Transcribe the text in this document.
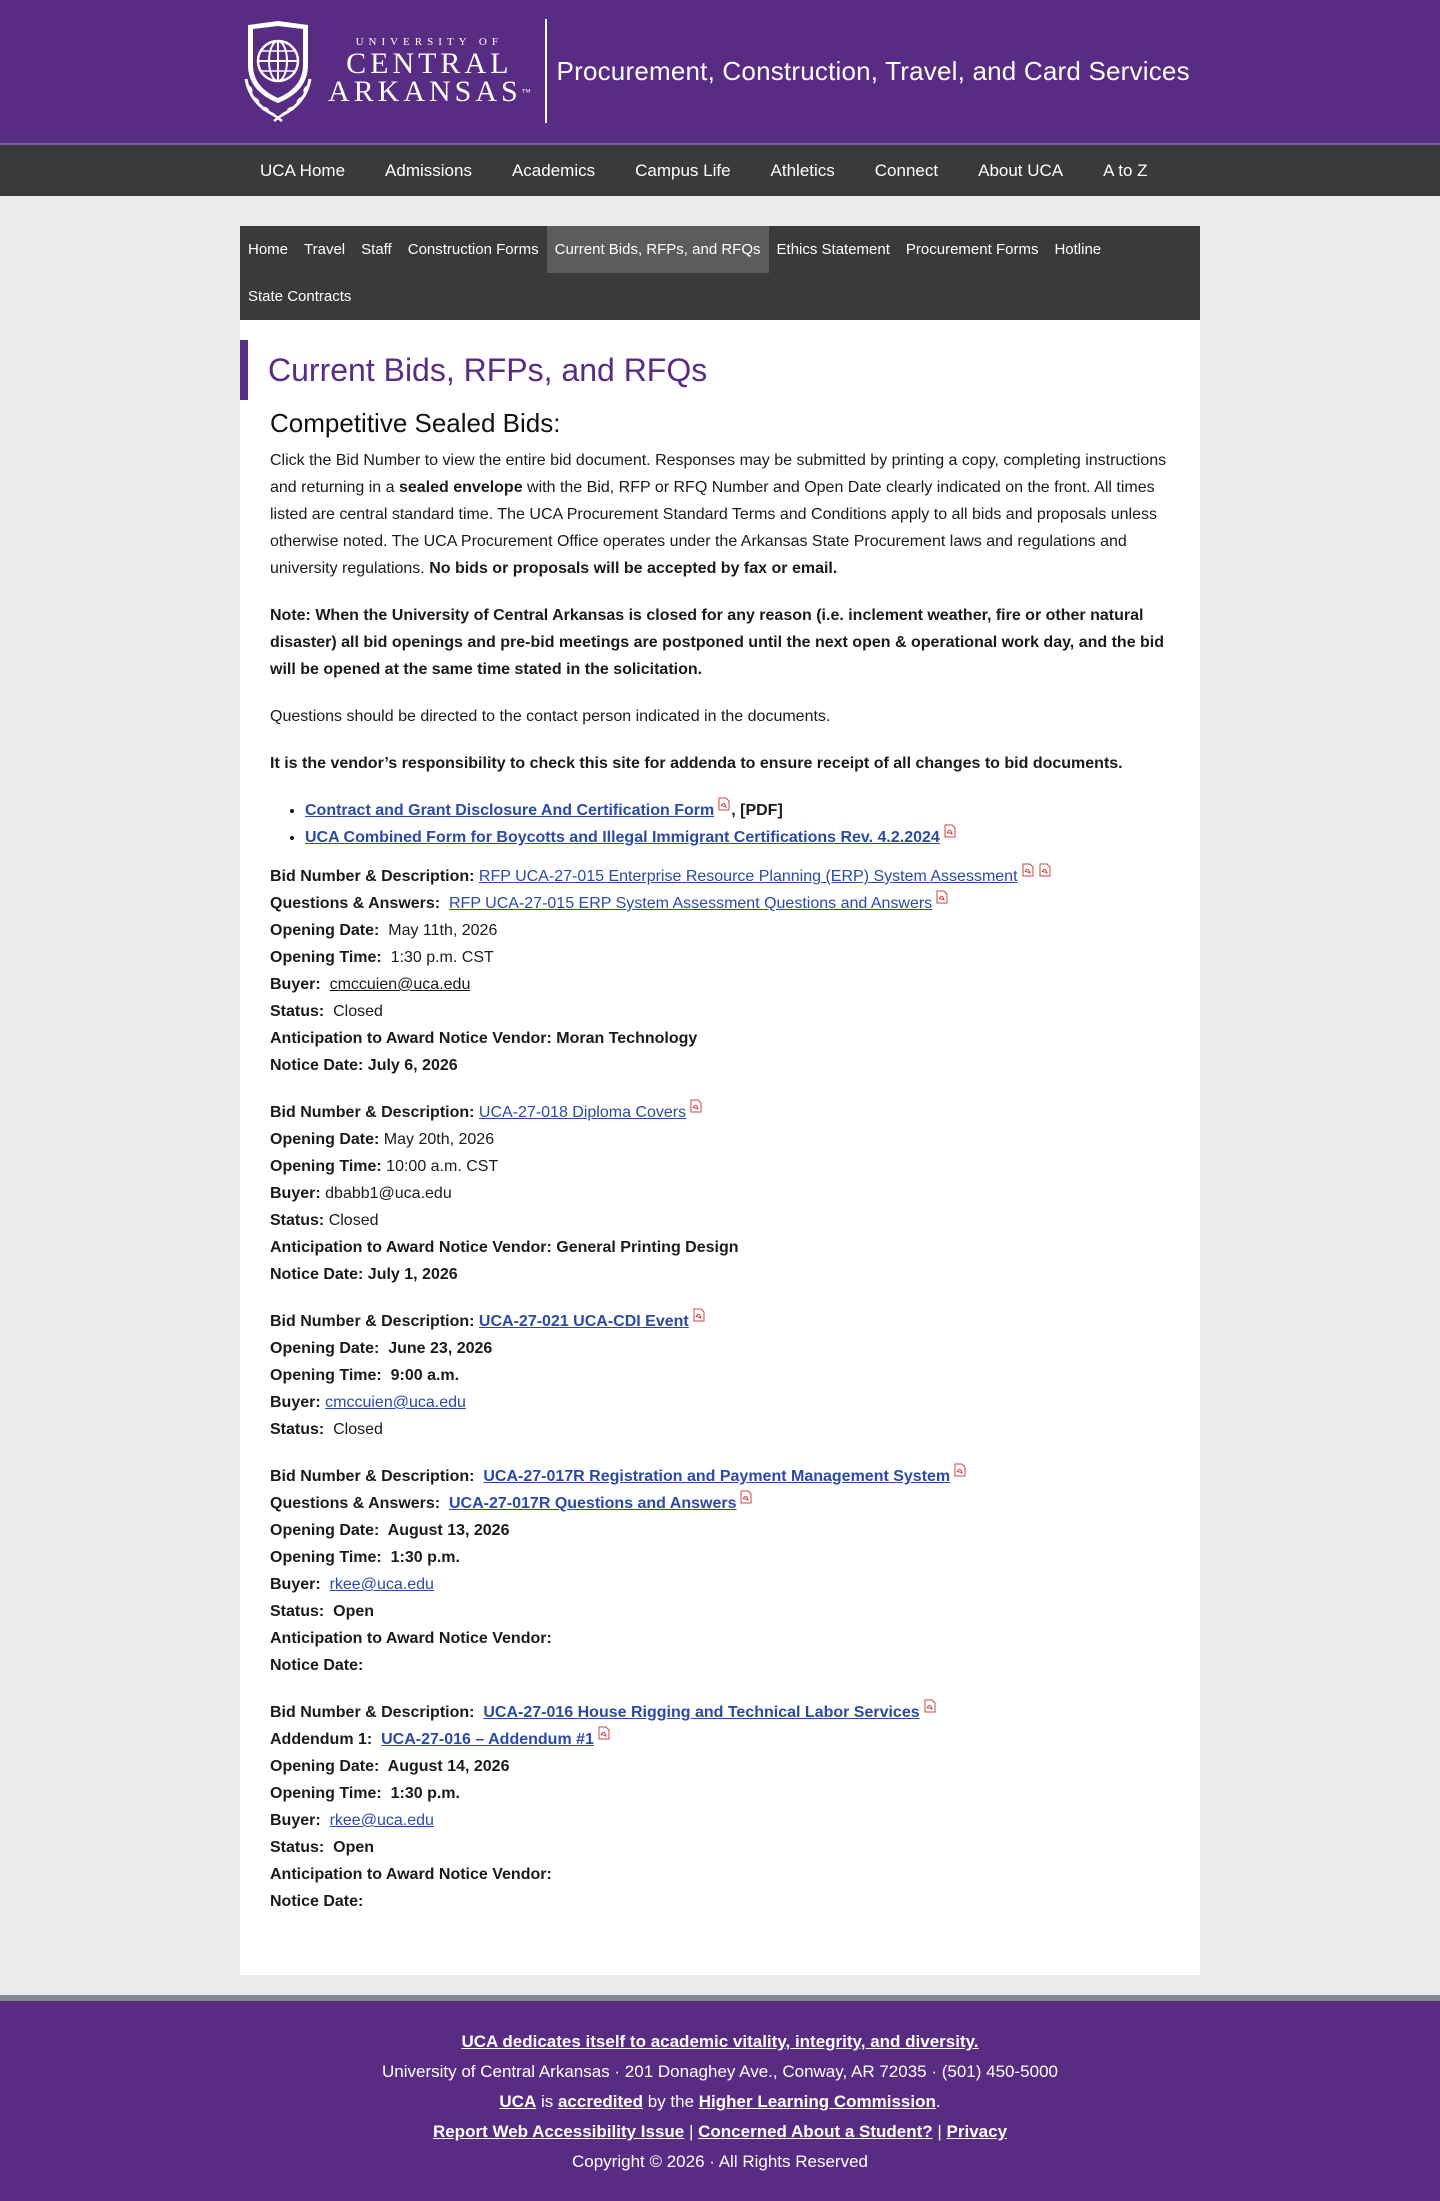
UNIVERSITY OF
CENTRAL
ARKANSAS™
Procurement, Construction, Travel, and Card Services
UCA Home	Admissions	Academics	Campus Life	Athletics	Connect	About UCA	A to Z
Home	Travel	Staff	Construction Forms	Current Bids, RFPs, and RFQs	Ethics Statement	Procurement Forms	Hotline
State Contracts
Current Bids, RFPs, and RFQs
Competitive Sealed Bids:

Click the Bid Number to view the entire bid document. Responses may be submitted by printing a copy, completing instructions and returning in a sealed envelope with the Bid, RFP or RFQ Number and Open Date clearly indicated on the front. All times listed are central standard time. The UCA Procurement Standard Terms and Conditions apply to all bids and proposals unless otherwise noted. The UCA Procurement Office operates under the Arkansas State Procurement laws and regulations and university regulations. No bids or proposals will be accepted by fax or email.

Note: When the University of Central Arkansas is closed for any reason (i.e. inclement weather, fire or other natural disaster) all bid openings and pre-bid meetings are postponed until the next open & operational work day, and the bid will be opened at the same time stated in the solicitation.

Questions should be directed to the contact person indicated in the documents.

It is the vendor’s responsibility to check this site for addenda to ensure receipt of all changes to bid documents.

• Contract and Grant Disclosure And Certification Form , [PDF]
• UCA Combined Form for Boycotts and Illegal Immigrant Certifications Rev. 4.2.2024
Bid Number & Description: RFP UCA-27-015 Enterprise Resource Planning (ERP) System Assessment
Questions & Answers: RFP UCA-27-015 ERP System Assessment Questions and Answers
Opening Date: May 11th, 2026
Opening Time: 1:30 p.m. CST
Buyer: cmccuien@uca.edu
Status: Closed
Anticipation to Award Notice Vendor: Moran Technology
Notice Date: July 6, 2026
Bid Number & Description: UCA-27-018 Diploma Covers
Opening Date: May 20th, 2026
Opening Time: 10:00 a.m. CST
Buyer: dbabb1@uca.edu
Status: Closed
Anticipation to Award Notice Vendor: General Printing Design
Notice Date: July 1, 2026
Bid Number & Description: UCA-27-021 UCA-CDI Event
Opening Date: June 23, 2026
Opening Time: 9:00 a.m.
Buyer: cmccuien@uca.edu
Status: Closed
Bid Number & Description: UCA-27-017R Registration and Payment Management System
Questions & Answers: UCA-27-017R Questions and Answers
Opening Date: August 13, 2026
Opening Time: 1:30 p.m.
Buyer: rkee@uca.edu
Status: Open
Anticipation to Award Notice Vendor:
Notice Date:
Bid Number & Description: UCA-27-016 House Rigging and Technical Labor Services
Addendum 1: UCA-27-016 – Addendum #1
Opening Date: August 14, 2026
Opening Time: 1:30 p.m.
Buyer: rkee@uca.edu
Status: Open
Anticipation to Award Notice Vendor:
Notice Date:
UCA dedicates itself to academic vitality, integrity, and diversity.
University of Central Arkansas · 201 Donaghey Ave., Conway, AR 72035 · (501) 450-5000
UCA is accredited by the Higher Learning Commission.
Report Web Accessibility Issue | Concerned About a Student? | Privacy
Copyright © 2026 · All Rights Reserved
